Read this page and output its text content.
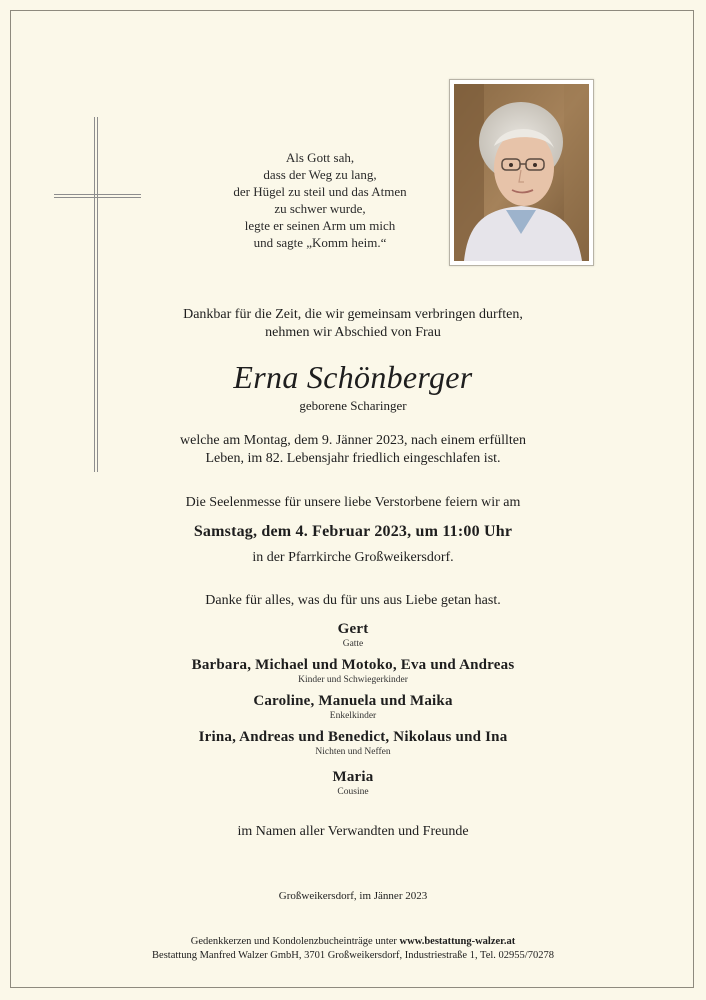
Als Gott sah,
dass der Weg zu lang,
der Hügel zu steil und das Atmen
zu schwer wurde,
legte er seinen Arm um mich
und sagte „Komm heim.“
Dankbar für die Zeit, die wir gemeinsam verbringen durften,
nehmen wir Abschied von Frau
Erna Schönberger
geborene Scharinger
welche am Montag, dem 9. Jänner 2023, nach einem erfüllten
Leben, im 82. Lebensjahr friedlich eingeschlafen ist.
Die Seelenmesse für unsere liebe Verstorbene feiern wir am
Samstag, dem 4. Februar 2023, um 11:00 Uhr
in der Pfarrkirche Großweikersdorf.
Danke für alles, was du für uns aus Liebe getan hast.
Gert
Gatte
Barbara, Michael und Motoko, Eva und Andreas
Kinder und Schwiegerkinder
Caroline, Manuela und Maika
Enkelkinder
Irina, Andreas und Benedict, Nikolaus und Ina
Nichten und Neffen
Maria
Cousine
im Namen aller Verwandten und Freunde
Großweikersdorf, im Jänner 2023
Gedenkkerzen und Kondolenzbucheinträge unter www.bestattung-walzer.at
Bestattung Manfred Walzer GmbH, 3701 Großweikersdorf, Industriestraße 1, Tel. 02955/70278
